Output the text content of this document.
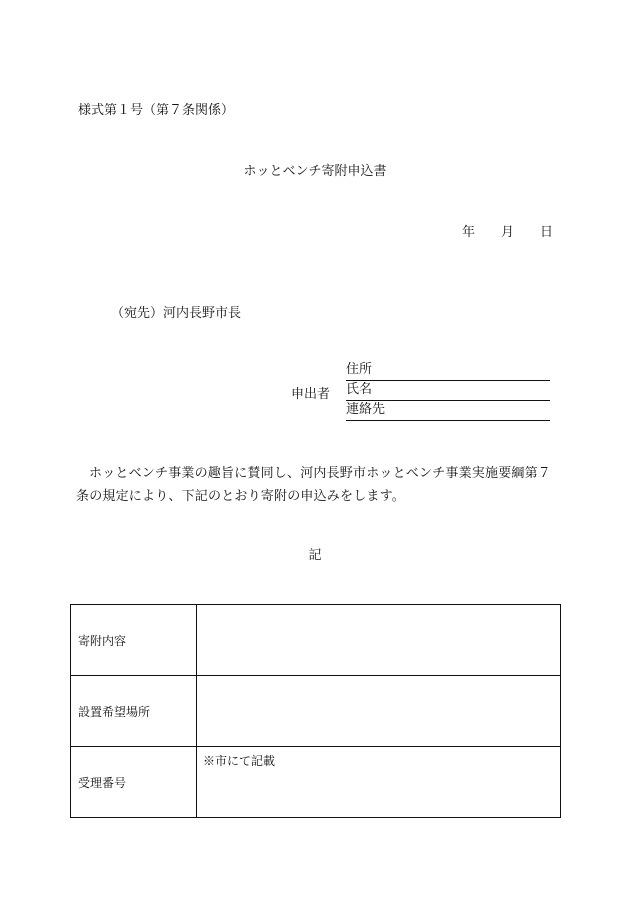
様式第１号（第７条関係）
ホッとベンチ寄附申込書
年 月 日
（宛先）河内長野市長
申出者
住所
氏名
連絡先
ホッとベンチ事業の趣旨に賛同し、河内長野市ホッとベンチ事業実施要綱第７条の規定により、下記のとおり寄附の申込みをします。
記
寄附内容	
設置希望場所	
受理番号	※市にて記載
